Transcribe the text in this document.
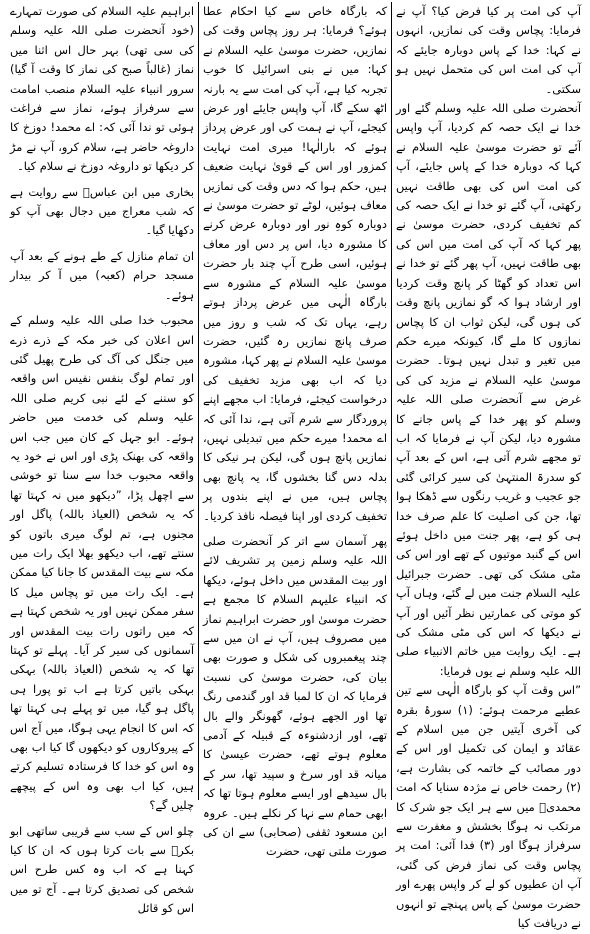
آپ کی امت پر کیا فرض کیا؟ آپ نے فرمایا: پچاس وقت کی نمازیں، انہوں نے کہا: خدا کے پاس دوبارہ جایئے کہ آپ کی امت اس کی متحمل نہیں ہو سکتی۔

آنحضرت صلی اللہ علیہ وسلم گئے اور خدا نے ایک حصہ کم کردیا، آپ واپس آئے تو حضرت موسیٰ علیہ السلام نے کہا کہ دوبارہ خدا کے پاس جایئے، آپ کی امت اس کی بھی طاقت نہیں رکھتی، آپ گئے تو خدا نے ایک حصہ کی کم تخفیف کردی، حضرت موسیٰ نے پھر کہا کہ آپ کی امت میں اس کی بھی طاقت نہیں، آپ پھر گئے تو خدا نے اس تعداد کو گھٹا کر پانچ وقت کردیا اور ارشاد ہوا کہ گو نمازیں پانچ وقت کی ہوں گی، لیکن ثواب ان کا پچاس نمازوں کا ملے گا، کیونکہ میرے حکم میں تغیر و تبدل نہیں ہوتا۔ حضرت موسیٰ علیہ السلام نے مزید کی کی غرض سے آنحضرت صلی اللہ علیہ وسلم کو پھر خدا کے پاس جانے کا مشورہ دیا، لیکن آپ نے فرمایا کہ اب تو مجھے شرم آتی ہے، اس کے بعد آپ کو سدرۃ المنتہیٰ کی سیر کرائی گئی جو عجیب و غریب رنگوں سے ڈھکا ہوا تھا، جن کی اصلیت کا علم صرف خدا ہی کو ہے، پھر جنت میں داخل ہوئے اس کے گنبد موتیوں کے تھے اور اس کی مٹی مشک کی تھی۔ حضرت جبرائیل علیہ السلام جنت میں لے گئے، وہاں آپ کو موتی کی عمارتیں نظر آئیں اور آپ نے دیکھا کہ اس کی مٹی مشک کی ہے۔ ایک روایت میں خاتم الانبیاء صلی اللہ علیہ وسلم نے یوں فرمایا:

”اس وقت آپ کو بارگاہ الٰہی سے تین عطیے مرحمت ہوئے: (۱) سورۂ بقرہ کی آخری آیتیں جن میں اسلام کے عقائد و ایمان کی تکمیل اور اس کے دور مصائب کے خاتمہ کی بشارت ہے، (۲) رحمت خاص نے مژدہ سنایا کہ امت محمدیؐ میں سے ہر ایک جو شرک کا مرتکب نہ ہوگا بخشش و مغفرت سے سرفراز ہوگا اور (۳) فدا آئی: امت پر پچاس وقت کی نماز فرض کی گئی، آپ ان عطیوں کو لے کر واپس پھرے اور حضرت موسیٰ کے پاس پہنچے تو انہوں نے دریافت کیا

کہ بارگاہ خاص سے کیا احکام عطا ہوئے؟ فرمایا: ہر روز پچاس وقت کی نمازیں، حضرت موسیٰ علیہ السلام نے کہا: میں نے بنی اسرائیل کا خوب تجربہ کیا ہے، آپ کی امت سے یہ بارنہ اٹھ سکے گا، آپ واپس جایئے اور عرض کیجئے، آپ نے ہمت کی اور عرض پرداز ہوئے کہ بارالٰہا! میری امت نہایت کمزور اور اس کے قویٰ نہایت ضعیف ہیں، حکم ہوا کہ دس وقت کی نمازیں معاف ہوئیں، لوٹے تو حضرت موسیٰ نے دوبارہ کوہِ نور اور دوبارہ عرض کرنے کا مشورہ دیا، اس پر دس اور معاف ہوئیں، اسی طرح آپ چند بار حضرت موسیٰ علیہ السلام کے مشورہ سے بارگاہ الٰہی میں عرض پرداز ہوتے رہے، یہاں تک کہ شب و روز میں صرف پانچ نمازیں رہ گئیں، حضرت موسیٰ علیہ السلام نے پھر کہا، مشورہ دیا کہ اب بھی مزید تخفیف کی درخواست کیجئے، فرمایا: اب مجھے اپنے پروردگار سے شرم آتی ہے، ندا آئی کہ اے محمد! میرے حکم میں تبدیلی نہیں، نمازیں پانچ ہوں گی، لیکن ہر نیکی کا بدلہ دس گنا بخشوں گا، یہ پانچ بھی پچاس ہیں، میں نے اپنے بندوں پر تخفیف کردی اور اپنا فیصلہ نافذ کردیا۔

پھر آسمان سے اتر کر آنحضرت صلی اللہ علیہ وسلم زمین پر تشریف لائے اور بیت المقدس میں داخل ہوئے، دیکھا کہ انبیاء علیہم السلام کا مجمع ہے حضرت موسیٰ اور حضرت ابراہیم نماز میں مصروف ہیں، آپ نے ان میں سے چند پیغمبروں کی شکل و صورت بھی بیان کی، حضرت موسیٰ کی نسبت فرمایا کہ ان کا لمبا قد اور گندمی رنگ تھا اور الجھے ہوئے، گھونگر والے بال تھے، اور ازدشنوءہ کے قبیلہ کے آدمی معلوم ہوتے تھے، حضرت عیسیٰ کا میانہ قد اور سرخ و سپید تھا، سر کے بال سیدھے اور ایسے معلوم ہوتا تھا کہ ابھی حمام سے نہا کر نکلے ہیں۔ عروہ ابن مسعود ثقفی (صحابی) سے ان کی صورت ملتی تھی، حضرت

ابراہیم علیہ السلام کی صورت تمہارے (خود آنحضرت صلی اللہ علیہ وسلم کی سی تھی) بہر حال اس اثنا میں نماز (غالباً صبح کی نماز کا وقت آ گیا) سرور انبیاء علیہ السلام منصب امامت سے سرفراز ہوئے، نماز سے فراغت ہوئی تو ندا آئی کہ: اے محمد! دوزخ کا داروغہ حاضر ہے، سلام کرو، آپ نے مڑ کر دیکھا تو داروغہ دوزخ نے سلام کیا۔

بخاری میں ابن عباسؓ سے روایت ہے کہ شب معراج میں دجال بھی آپ کو دکھایا گیا۔

ان تمام منازل کے طے ہونے کے بعد آپ مسجد حرام (کعبہ) میں آ کر بیدار ہوئے۔

محبوب خدا صلی اللہ علیہ وسلم کے اس اعلان کی خبر مکہ کے ذرے ذرے میں جنگل کی آگ کی طرح پھیل گئی اور تمام لوگ بنفس نفیس اس واقعہ کو سننے کے لئے نبی کریم صلی اللہ علیہ وسلم کی خدمت میں حاضر ہوئے۔ ابو جہل کے کان میں جب اس واقعہ کی بھنک پڑی اور اس نے خود یہ واقعہ محبوب خدا سے سنا تو خوشی سے اچھل پڑا، ”دیکھو میں نہ کہتا تھا کہ یہ شخص (العیاذ باللہ) پاگل اور مجنوں ہے، تم لوگ میری باتوں کو سنتے تھے، اب دیکھو بھلا ایک رات میں مکہ سے بیت المقدس کا جانا کیا ممکن ہے۔ ایک رات میں تو پچاس میل کا سفر ممکن نہیں اور یہ شخص کہتا ہے کہ میں راتوں رات بیت المقدس اور آسمانوں کی سیر کر آیا۔ پہلے تو کہتا تھا کہ یہ شخص (العیاذ باللہ) بہکی بہکی باتیں کرتا ہے اب تو پورا ہی پاگل ہو گیا، میں تو پہلے ہی کہتا تھا کہ اس کا انجام یہی ہوگا، میں آج اس کے پیروکاروں کو دیکھوں گا کیا اب بھی وہ اس کو خدا کا فرستادہ تسلیم کرتے ہیں، کیا اب بھی وہ اس کے پیچھے چلیں گے؟

چلو اس کے سب سے قریبی ساتھی ابو بکرؓ سے بات کرتا ہوں کہ ان کا کیا کہنا ہے کہ اب وہ کس طرح اس شخص کی تصدیق کرتا ہے۔ آج تو میں اس کو قائل
